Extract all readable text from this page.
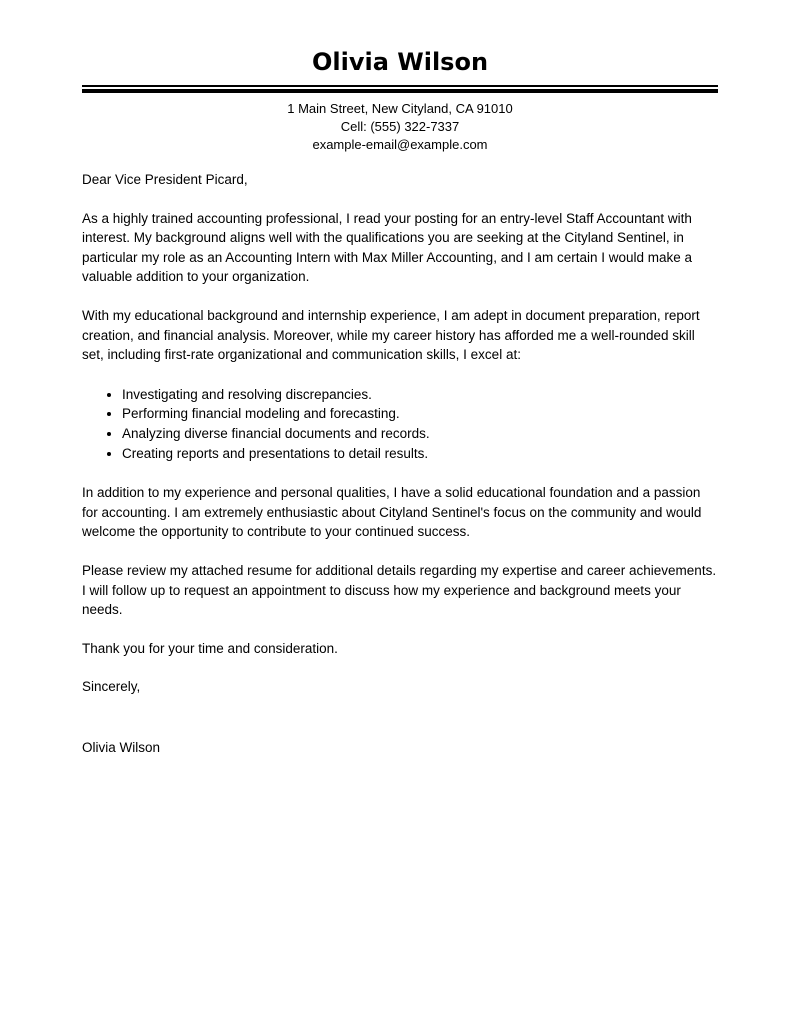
Olivia Wilson
1 Main Street, New Cityland, CA 91010
Cell: (555) 322-7337
example-email@example.com

Dear Vice President Picard,

As a highly trained accounting professional, I read your posting for an entry-level Staff Accountant with interest. My background aligns well with the qualifications you are seeking at the Cityland Sentinel, in particular my role as an Accounting Intern with Max Miller Accounting, and I am certain I would make a valuable addition to your organization.

With my educational background and internship experience, I am adept in document preparation, report creation, and financial analysis. Moreover, while my career history has afforded me a well-rounded skill set, including first-rate organizational and communication skills, I excel at:

• Investigating and resolving discrepancies.
• Performing financial modeling and forecasting.
• Analyzing diverse financial documents and records.
• Creating reports and presentations to detail results.

In addition to my experience and personal qualities, I have a solid educational foundation and a passion for accounting. I am extremely enthusiastic about Cityland Sentinel's focus on the community and would welcome the opportunity to contribute to your continued success.

Please review my attached resume for additional details regarding my expertise and career achievements. I will follow up to request an appointment to discuss how my experience and background meets your needs.

Thank you for your time and consideration.

Sincerely,

Olivia Wilson
